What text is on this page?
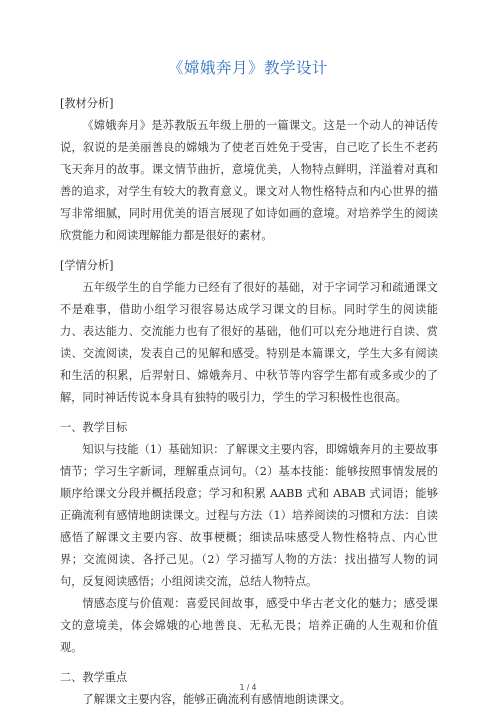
《嫦娥奔月》教学设计

[教材分析]

《嫦娥奔月》是苏教版五年级上册的一篇课文。这是一个动人的神话传说，叙说的是美丽善良的嫦娥为了使老百姓免于受害，自己吃了长生不老药飞天奔月的故事。课文情节曲折，意境优美，人物特点鲜明，洋溢着对真和善的追求，对学生有较大的教育意义。课文对人物性格特点和内心世界的描写非常细腻，同时用优美的语言展现了如诗如画的意境。对培养学生的阅读欣赏能力和阅读理解能力都是很好的素材。

[学情分析]

五年级学生的自学能力已经有了很好的基础，对于字词学习和疏通课文不是难事，借助小组学习很容易达成学习课文的目标。同时学生的阅读能力、表达能力、交流能力也有了很好的基础，他们可以充分地进行自读、赏读、交流阅读，发表自己的见解和感受。特别是本篇课文，学生大多有阅读和生活的积累，后羿射日、嫦娥奔月、中秋节等内容学生都有或多或少的了解，同时神话传说本身具有独特的吸引力，学生的学习积极性也很高。

一、教学目标

知识与技能（1）基础知识：了解课文主要内容，即嫦娥奔月的主要故事情节；学习生字新词，理解重点词句。（2）基本技能：能够按照事情发展的顺序给课文分段并概括段意；学习和积累 AABB 式和 ABAB 式词语；能够正确流利有感情地朗读课文。过程与方法（1）培养阅读的习惯和方法：自读感悟了解课文主要内容、故事梗概；细读品味感受人物性格特点、内心世界；交流阅读、各抒己见。（2）学习描写人物的方法：找出描写人物的词句，反复阅读感悟；小组阅读交流，总结人物特点。

情感态度与价值观：喜爱民间故事，感受中华古老文化的魅力；感受课文的意境美，体会嫦娥的心地善良、无私无畏；培养正确的人生观和价值观。

二、教学重点

了解课文主要内容，能够正确流利有感情地朗读课文。

1 / 4
